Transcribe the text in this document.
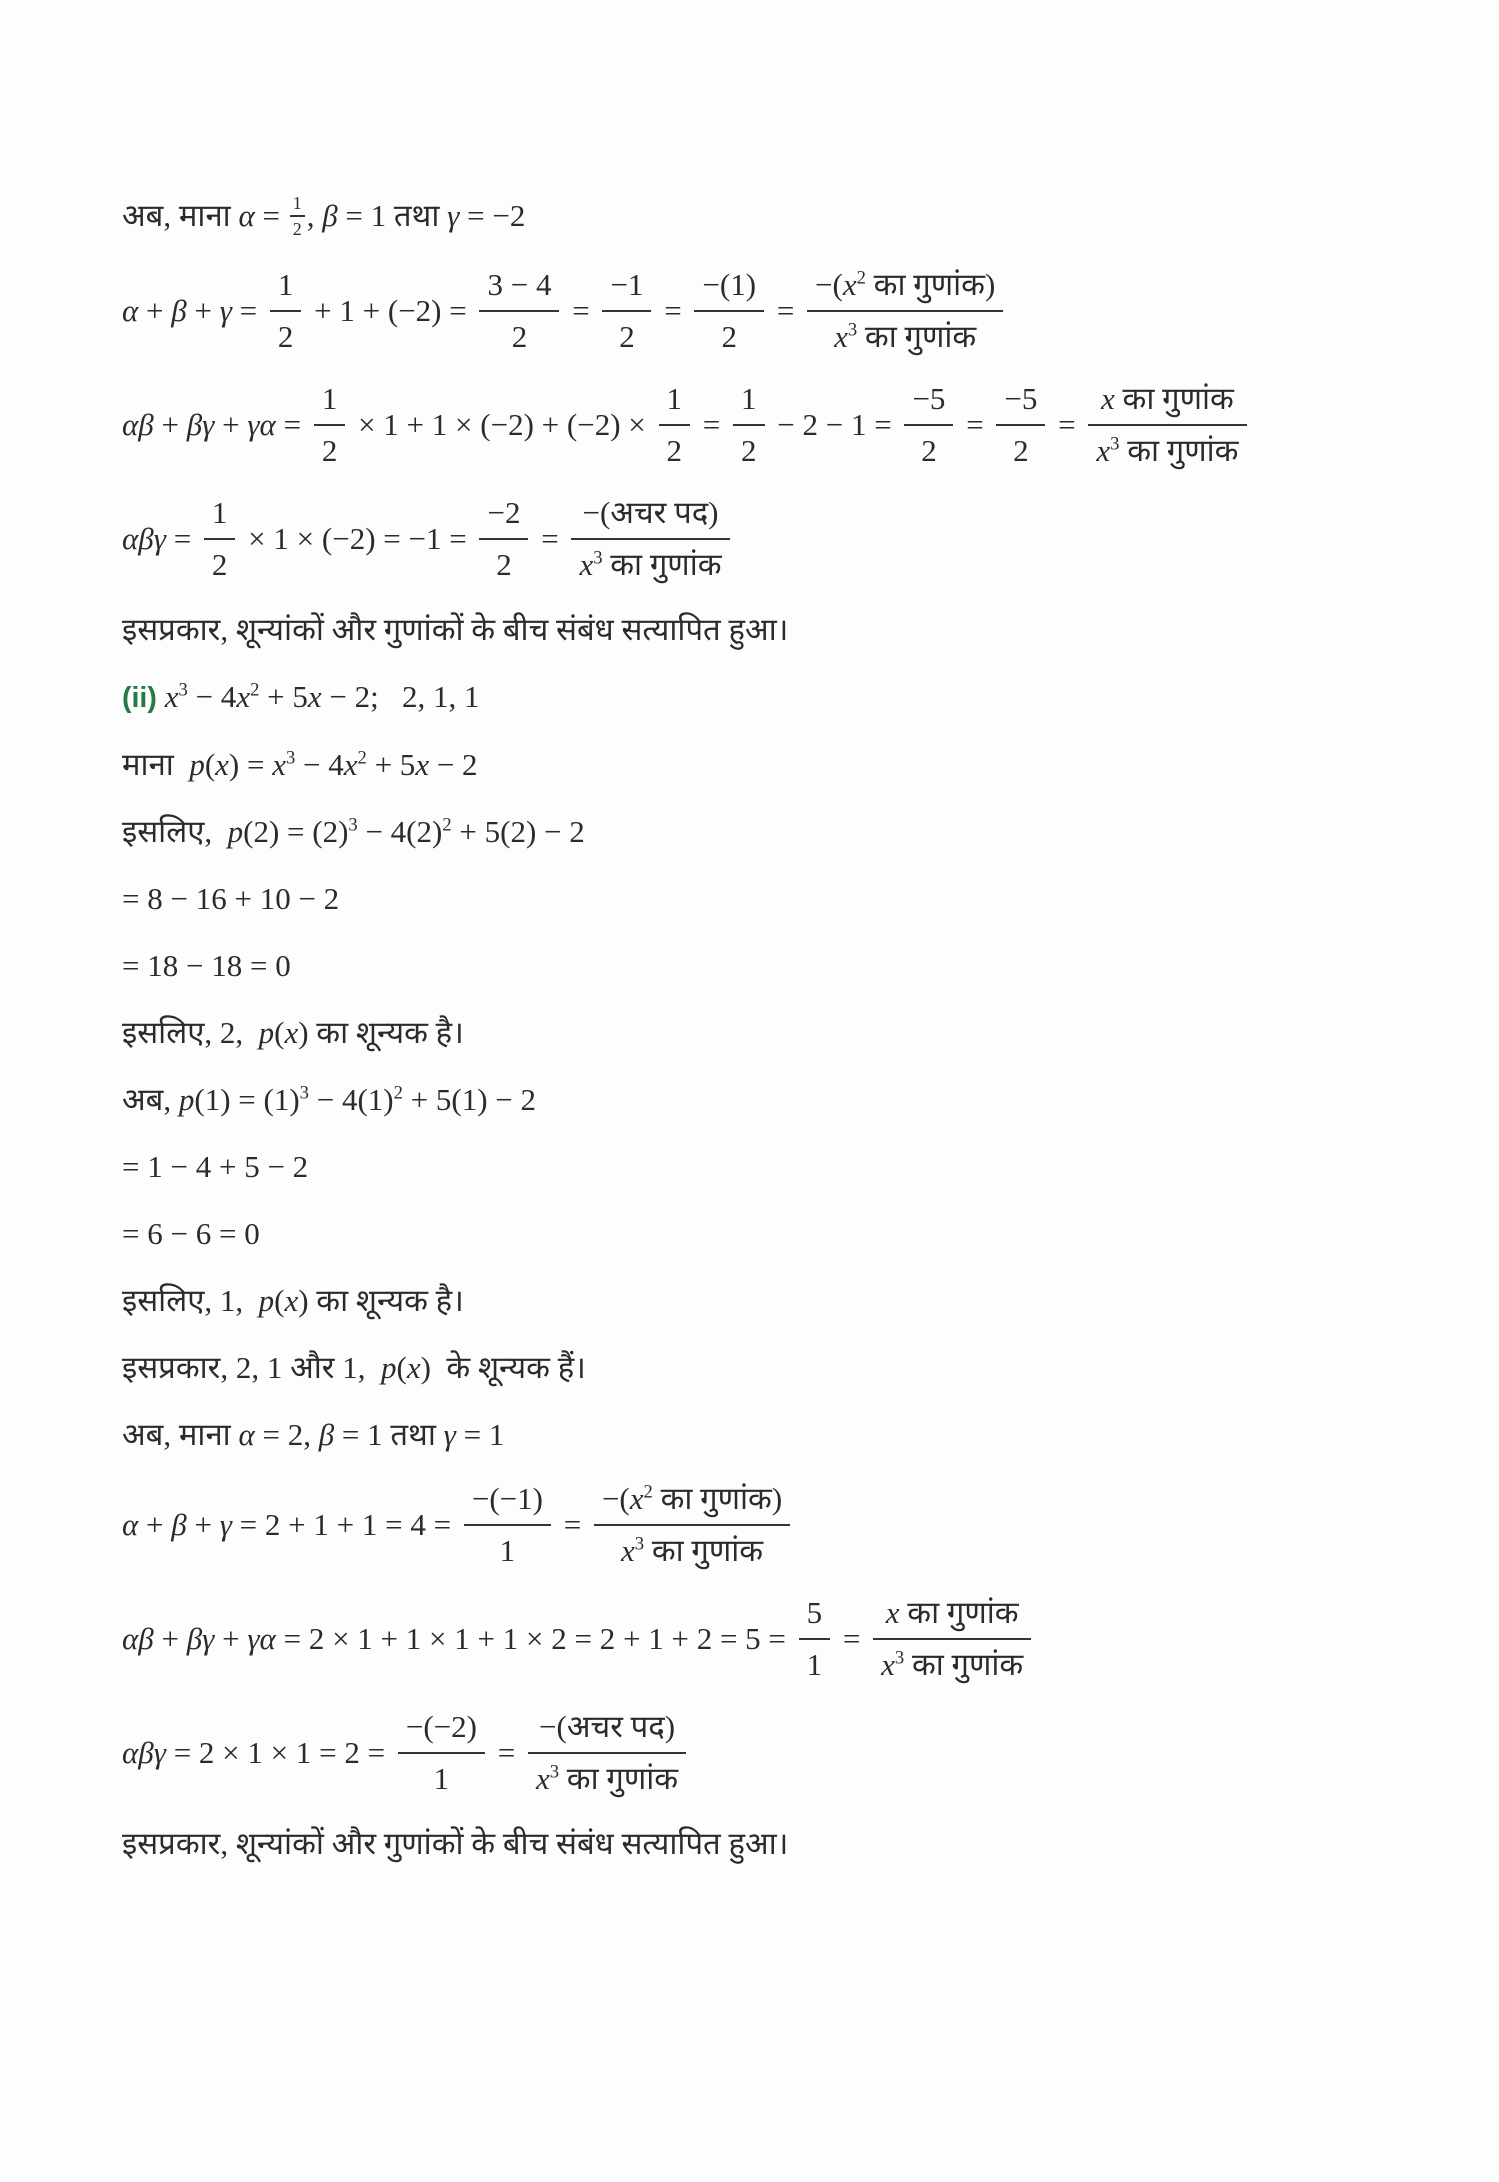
अब, माना $\alpha = \frac{1}{2}$ , β = 1 तथा γ = −2
$\alpha + \beta + \gamma = \frac{1}{2} + 1 + (-2) = \frac{3 - 4}{2} = \frac{-1}{2} = \frac{-(1)}{2} = \frac{-(x^2 का गुणांक)}{x^3 का गुणांक}$
$\alpha\beta + \beta\gamma + \gamma\alpha = \frac{1}{2} \times 1 + 1 \times (-2) + (-2) \times \frac{1}{2} = \frac{1}{2} - 2 - 1 = \frac{-5}{2} = \frac{-5}{2} = \frac{\text{x का गुणांक}}{x^3 का गुणांक}$
$\alpha\beta\gamma = \frac{1}{2} \times 1 \times (-2) = -1 = \frac{-2}{2} = \frac{\text{−(अचर पद)}}{x^3 का गुणांक}$
इसप्रकार, शून्यांकों और गुणांकों के बीच संबंध सत्यापित हुआ।
(ii) $x^3 - 4x^2 + 5x - 2$;   2, 1, 1
माना  $p(x) = x^3 - 4x^2 + 5x - 2$
इसलिए,  $p(2) = (2)^3 - 4(2)^2 + 5(2) - 2$
= 8 − 16 + 10 − 2
= 18 − 18 = 0
इसलिए, 2,  p(x) का शून्यक है।
अब, $p(1) = (1)^3 - 4(1)^2 + 5(1) - 2$
= 1 − 4 + 5 − 2
= 6 − 6 = 0
इसलिए, 1,  p(x) का शून्यक है।
इसप्रकार, 2, 1 और 1,  p(x)  के शून्यक हैं।
अब, माना α = 2, β = 1 तथा γ = 1
$\alpha + \beta + \gamma = 2 + 1 + 1 = 4 = \frac{-(-1)}{1} = \frac{-(x^2 का गुणांक)}{x^3 का गुणांक}$
$\alpha\beta + \beta\gamma + \gamma\alpha = 2 \times 1 + 1 \times 1 + 1 \times 2 = 2 + 1 + 2 = 5 = \frac{5}{1} = \frac{\text{x का गुणांक}}{x^3 का गुणांक}$
$\alpha\beta\gamma = 2 \times 1 \times 1 = 2 = \frac{-(-2)}{1} = \frac{\text{−(अचर पद)}}{x^3 का गुणांक}$
इसप्रकार, शून्यांकों और गुणांकों के बीच संबंध सत्यापित हुआ।
